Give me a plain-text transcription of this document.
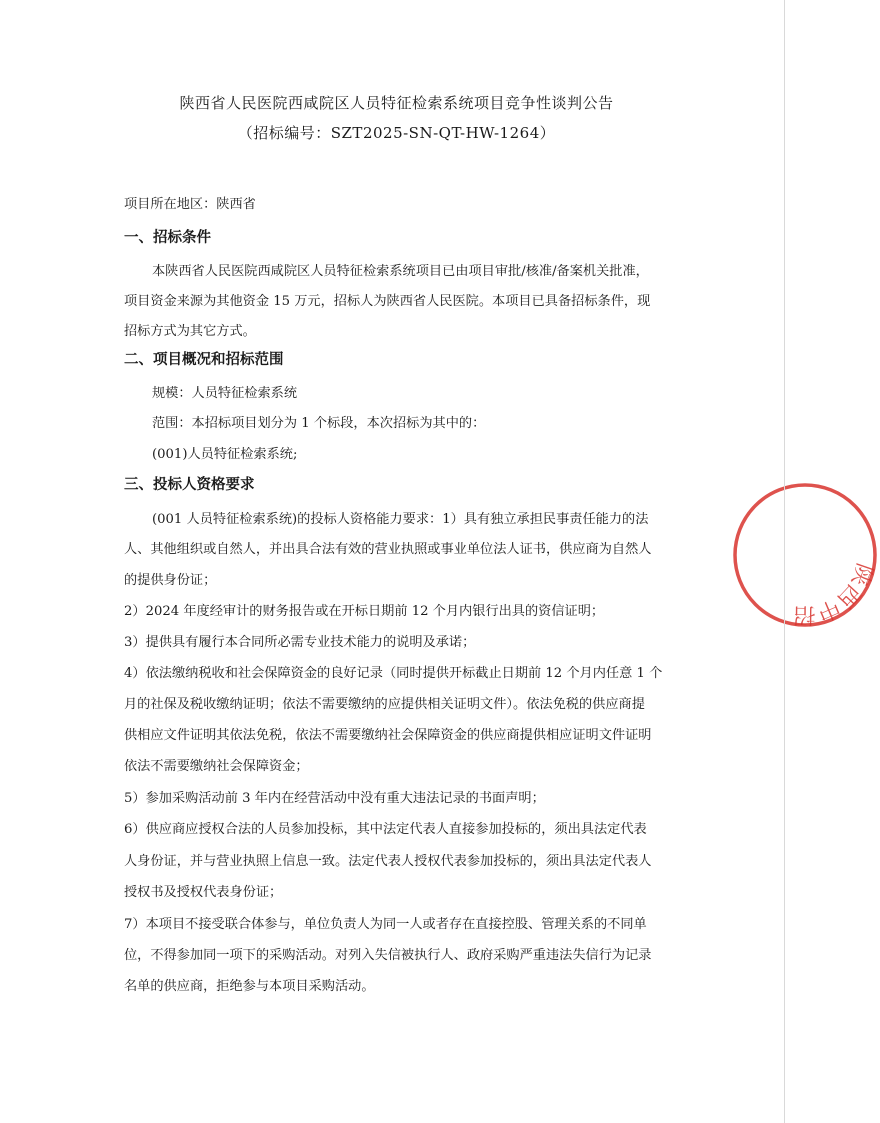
陕西省人民医院西咸院区人员特征检索系统项目竞争性谈判公告
（招标编号：SZT2025-SN-QT-HW-1264）
项目所在地区：陕西省
一、招标条件
本陕西省人民医院西咸院区人员特征检索系统项目已由项目审批/核准/备案机关批准，
项目资金来源为其他资金 15 万元，招标人为陕西省人民医院。本项目已具备招标条件，现
招标方式为其它方式。
二、项目概况和招标范围
规模：人员特征检索系统
范围：本招标项目划分为 1 个标段，本次招标为其中的：
(001)人员特征检索系统;
三、投标人资格要求
(001 人员特征检索系统)的投标人资格能力要求：1）具有独立承担民事责任能力的法
人、其他组织或自然人，并出具合法有效的营业执照或事业单位法人证书，供应商为自然人
的提供身份证；
2）2024 年度经审计的财务报告或在开标日期前 12 个月内银行出具的资信证明；
3）提供具有履行本合同所必需专业技术能力的说明及承诺；
4）依法缴纳税收和社会保障资金的良好记录（同时提供开标截止日期前 12 个月内任意 1 个
月的社保及税收缴纳证明；依法不需要缴纳的应提供相关证明文件）。依法免税的供应商提
供相应文件证明其依法免税，依法不需要缴纳社会保障资金的供应商提供相应证明文件证明
依法不需要缴纳社会保障资金；
5）参加采购活动前 3 年内在经营活动中没有重大违法记录的书面声明；
6）供应商应授权合法的人员参加投标，其中法定代表人直接参加投标的，须出具法定代表
人身份证，并与营业执照上信息一致。法定代表人授权代表参加投标的，须出具法定代表人
授权书及授权代表身份证；
7）本项目不接受联合体参与，单位负责人为同一人或者存在直接控股、管理关系的不同单
位，不得参加同一项下的采购活动。对列入失信被执行人、政府采购严重违法失信行为记录
名单的供应商，拒绝参与本项目采购活动。
陕西中招
